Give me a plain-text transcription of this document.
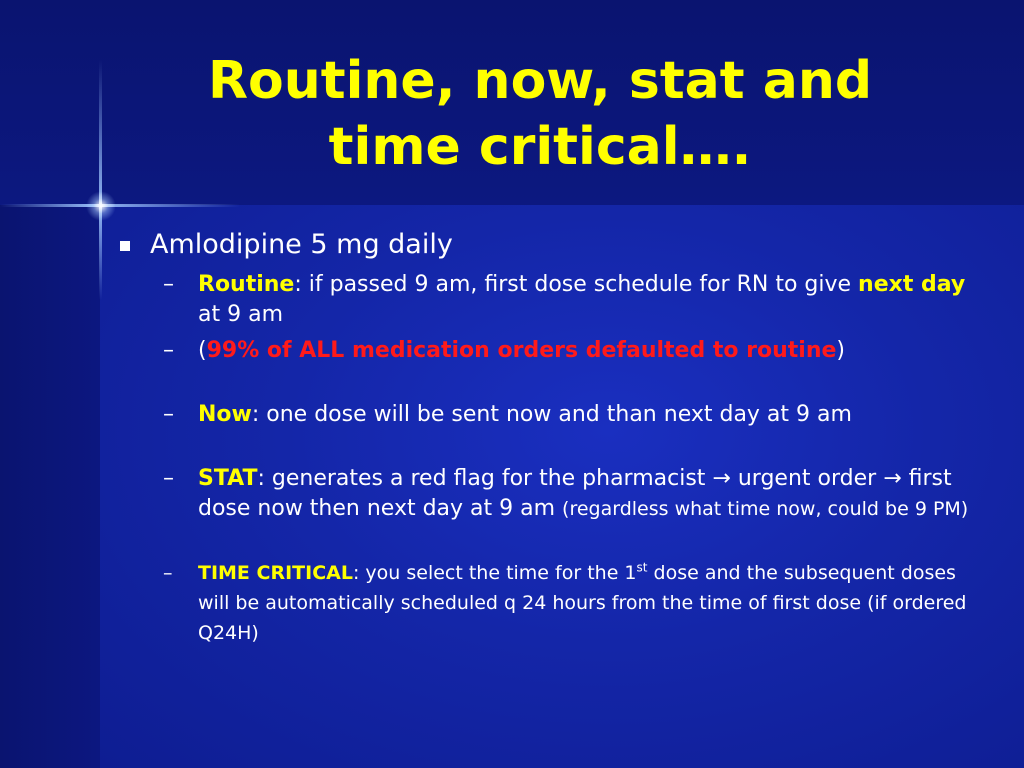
Routine, now, stat and
time critical….
Amlodipine 5 mg daily
– Routine: if passed 9 am, first dose schedule for RN to give next day at 9 am
– (99% of ALL medication orders defaulted to routine)
– Now: one dose will be sent now and than next day at 9 am
– STAT: generates a red flag for the pharmacist → urgent order → first dose now then next day at 9 am (regardless what time now, could be 9 PM)
– TIME CRITICAL: you select the time for the 1st dose and the subsequent doses will be automatically scheduled q 24 hours from the time of first dose (if ordered Q24H)
